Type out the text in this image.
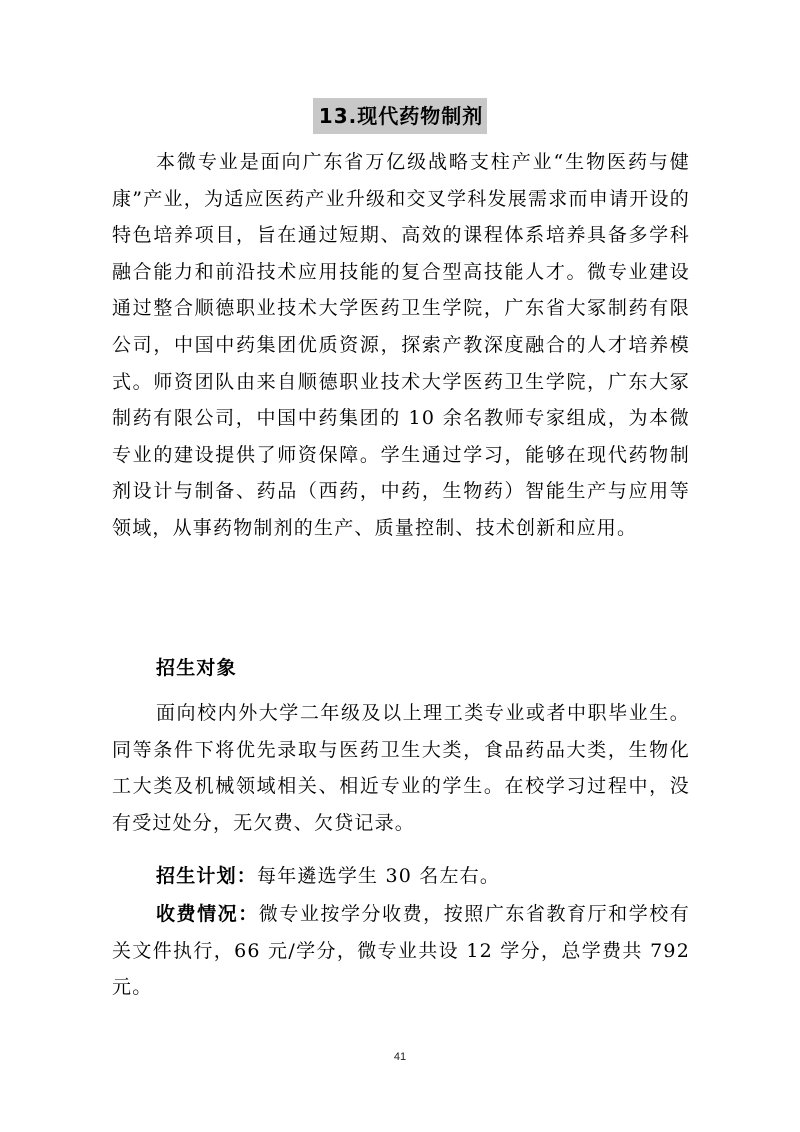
13.现代药物制剂

本微专业是面向广东省万亿级战略支柱产业“生物医药与健康”产业，为适应医药产业升级和交叉学科发展需求而申请开设的特色培养项目，旨在通过短期、高效的课程体系培养具备多学科融合能力和前沿技术应用技能的复合型高技能人才。微专业建设通过整合顺德职业技术大学医药卫生学院，广东省大冢制药有限公司，中国中药集团优质资源，探索产教深度融合的人才培养模式。师资团队由来自顺德职业技术大学医药卫生学院，广东大冢制药有限公司，中国中药集团的 10 余名教师专家组成，为本微专业的建设提供了师资保障。学生通过学习，能够在现代药物制剂设计与制备、药品（西药，中药，生物药）智能生产与应用等领域，从事药物制剂的生产、质量控制、技术创新和应用。

招生对象

面向校内外大学二年级及以上理工类专业或者中职毕业生。同等条件下将优先录取与医药卫生大类，食品药品大类，生物化工大类及机械领域相关、相近专业的学生。在校学习过程中，没有受过处分，无欠费、欠贷记录。

招生计划：每年遴选学生 30 名左右。

收费情况：微专业按学分收费，按照广东省教育厅和学校有关文件执行，66 元/学分，微专业共设 12 学分，总学费共 792 元。

41
